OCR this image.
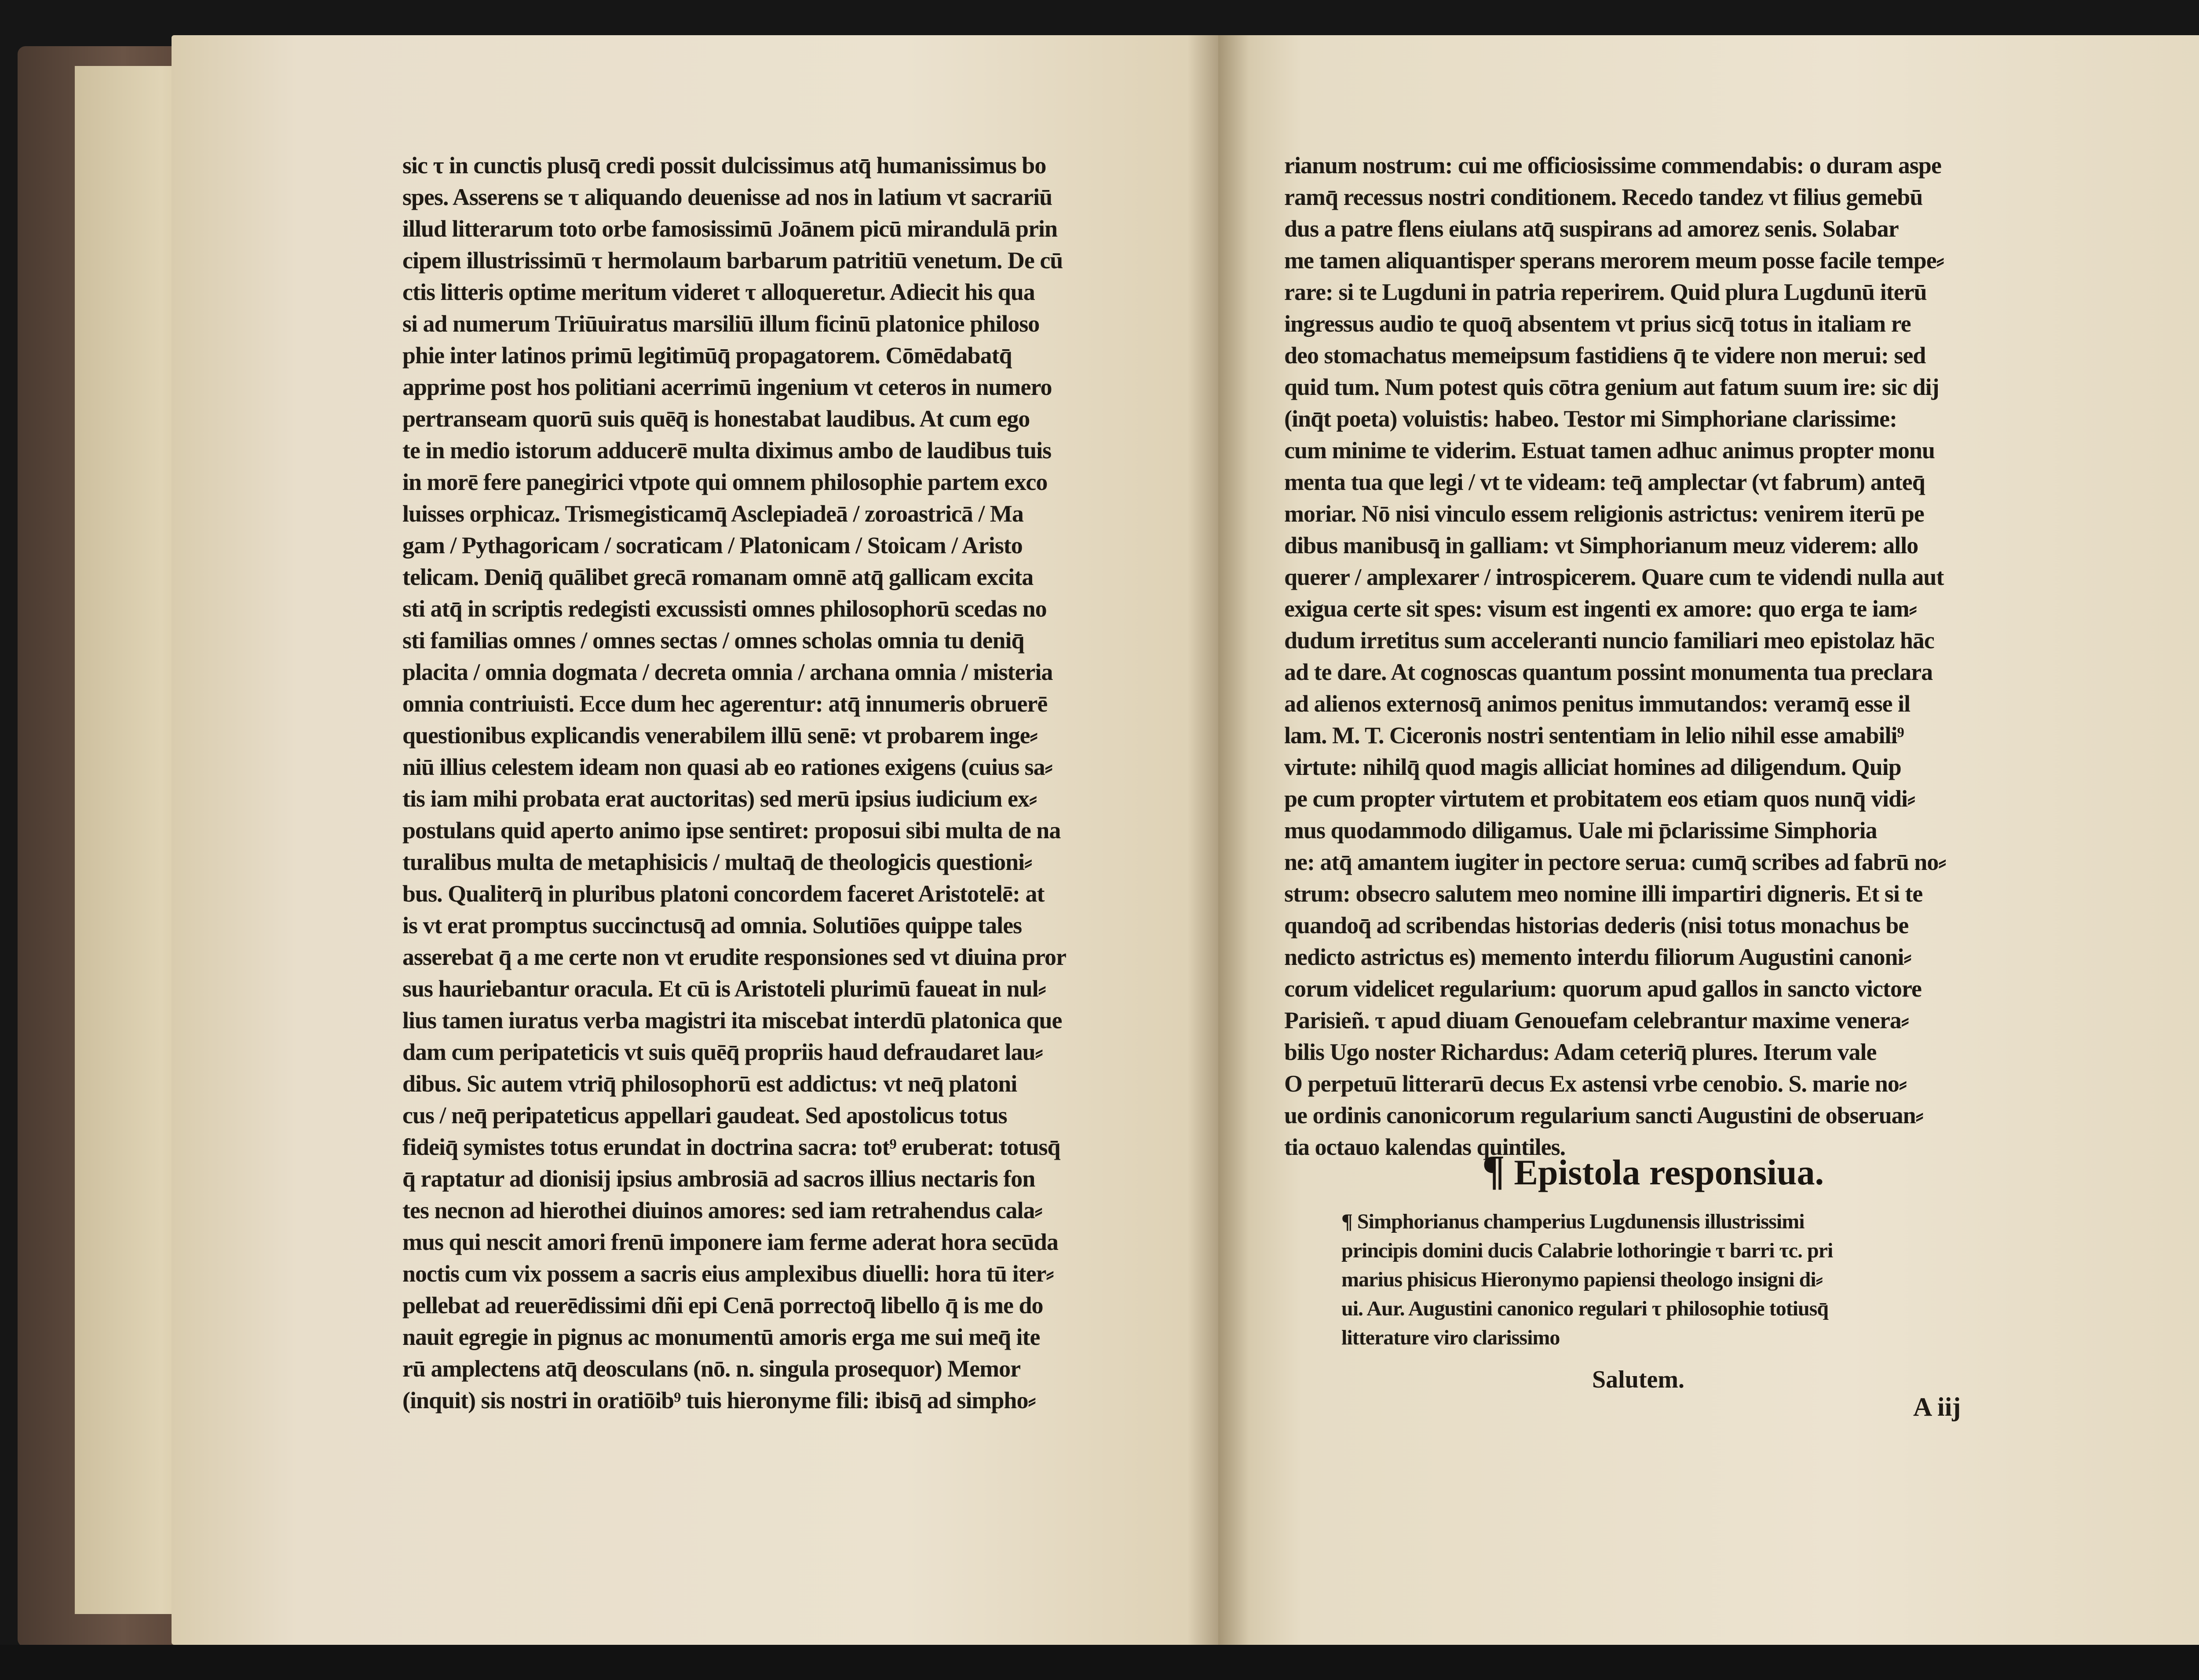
sic τ in cunctis plusq̄ credi possit dulcissimus atq̄ humanissimus bo
spes. Asserens se τ aliquando deuenisse ad nos in latium vt sacrariū
illud litterarum toto orbe famosissimū Joānem picū mirandulā prin
cipem illustrissimū τ hermolaum barbarum patritiū venetum. De cū
ctis litteris optime meritum videret τ alloqueretur. Adiecit his qua
si ad numerum Triūuiratus marsiliū illum ficinū platonice philoso
phie inter latinos primū legitimūq̄ propagatorem. Cōmēdabatq̄
apprime post hos politiani acerrimū ingenium vt ceteros in numero
pertranseam quorū suis quēq̄ is honestabat laudibus. At cum ego
te in medio istorum adducerē multa diximus ambo de laudibus tuis
in morē fere panegirici vtpote qui omnem philosophie partem exco
luisses orphicaz. Trismegisticamq̄ Asclepiadeā / zoroastricā / Ma
gam / Pythagoricam / socraticam / Platonicam / Stoicam / Aristo
telicam. Deniq̄ quālibet grecā romanam omnē atq̄ gallicam excita
sti atq̄ in scriptis redegisti excussisti omnes philosophorū scedas no
sti familias omnes / omnes sectas / omnes scholas omnia tu deniq̄
placita / omnia dogmata / decreta omnia / archana omnia / misteria
omnia contriuisti. Ecce dum hec agerentur: atq̄ innumeris obruerē
questionibus explicandis venerabilem illū senē: vt probarem inge⸗
niū illius celestem ideam non quasi ab eo rationes exigens (cuius sa⸗
tis iam mihi probata erat auctoritas) sed merū ipsius iudicium ex⸗
postulans quid aperto animo ipse sentiret: proposui sibi multa de na
turalibus multa de metaphisicis / multaq̄ de theologicis questioni⸗
bus. Qualiterq̄ in pluribus platoni concordem faceret Aristotelē: at
is vt erat promptus succinctusq̄ ad omnia. Solutiōes quippe tales
asserebat q̄ a me certe non vt erudite responsiones sed vt diuina pror
sus hauriebantur oracula. Et cū is Aristoteli plurimū faueat in nul⸗
lius tamen iuratus verba magistri ita miscebat interdū platonica que
dam cum peripateticis vt suis quēq̄ propriis haud defraudaret lau⸗
dibus. Sic autem vtriq̄ philosophorū est addictus: vt neq̄ platoni
cus / neq̄ peripateticus appellari gaudeat. Sed apostolicus totus
fideiq̄ symistes totus erundat in doctrina sacra: tot⁹ eruberat: totusq̄
q̄ raptatur ad dionisij ipsius ambrosiā ad sacros illius nectaris fon
tes necnon ad hierothei diuinos amores: sed iam retrahendus cala⸗
mus qui nescit amori frenū imponere iam ferme aderat hora secūda
noctis cum vix possem a sacris eius amplexibus diuelli: hora tū iter⸗
pellebat ad reuerēdissimi dñi epi Cenā porrectoq̄ libello q̄ is me do
nauit egregie in pignus ac monumentū amoris erga me sui meq̄ ite
rū amplectens atq̄ deosculans (nō. n. singula prosequor) Memor
(inquit) sis nostri in oratiōib⁹ tuis hieronyme fili: ibisq̄ ad simpho⸗
rianum nostrum: cui me officiosissime commendabis: o duram aspe
ramq̄ recessus nostri conditionem. Recedo tandez vt filius gemebū
dus a patre flens eiulans atq̄ suspirans ad amorez senis. Solabar
me tamen aliquantisper sperans merorem meum posse facile tempe⸗
rare: si te Lugduni in patria reperirem. Quid plura Lugdunū iterū
ingressus audio te quoq̄ absentem vt prius sicq̄ totus in italiam re
deo stomachatus memeipsum fastidiens q̄ te videre non merui: sed
quid tum. Num potest quis cōtra genium aut fatum suum ire: sic dij
(inq̄t poeta) voluistis: habeo. Testor mi Simphoriane clarissime:
cum minime te viderim. Estuat tamen adhuc animus propter monu
menta tua que legi / vt te videam: teq̄ amplectar (vt fabrum) anteq̄
moriar. Nō nisi vinculo essem religionis astrictus: venirem iterū pe
dibus manibusq̄ in galliam: vt Simphorianum meuz viderem: allo
querer / amplexarer / introspicerem. Quare cum te videndi nulla aut
exigua certe sit spes: visum est ingenti ex amore: quo erga te iam⸗
dudum irretitus sum acceleranti nuncio familiari meo epistolaz hāc
ad te dare. At cognoscas quantum possint monumenta tua preclara
ad alienos externosq̄ animos penitus immutandos: veramq̄ esse il
lam. M. T. Ciceronis nostri sententiam in lelio nihil esse amabili⁹
virtute: nihilq̄ quod magis alliciat homines ad diligendum. Quip
pe cum propter virtutem et probitatem eos etiam quos nunq̄ vidi⸗
mus quodammodo diligamus. Uale mi p̄clarissime Simphoria
ne: atq̄ amantem iugiter in pectore serua: cumq̄ scribes ad fabrū no⸗
strum: obsecro salutem meo nomine illi impartiri digneris. Et si te
quandoq̄ ad scribendas historias dederis (nisi totus monachus be
nedicto astrictus es) memento interdu filiorum Augustini canoni⸗
corum videlicet regularium: quorum apud gallos in sancto victore
Parisieñ. τ apud diuam Genouefam celebrantur maxime venera⸗
bilis Ugo noster Richardus: Adam ceteriq̄ plures. Iterum vale
O perpetuū litterarū decus Ex astensi vrbe cenobio. S. marie no⸗
ue ordinis canonicorum regularium sancti Augustini de obseruan⸗
tia octauo kalendas quintiles.
¶ Epistola responsiua.
¶ Simphorianus champerius Lugdunensis illustrissimi
principis domini ducis Calabrie lothoringie τ barri τc. pri
marius phisicus Hieronymo papiensi theologo insigni di⸗
ui. Aur. Augustini canonico regulari τ philosophie totiusq̄
litterature viro clarissimo
Salutem.
A iij
